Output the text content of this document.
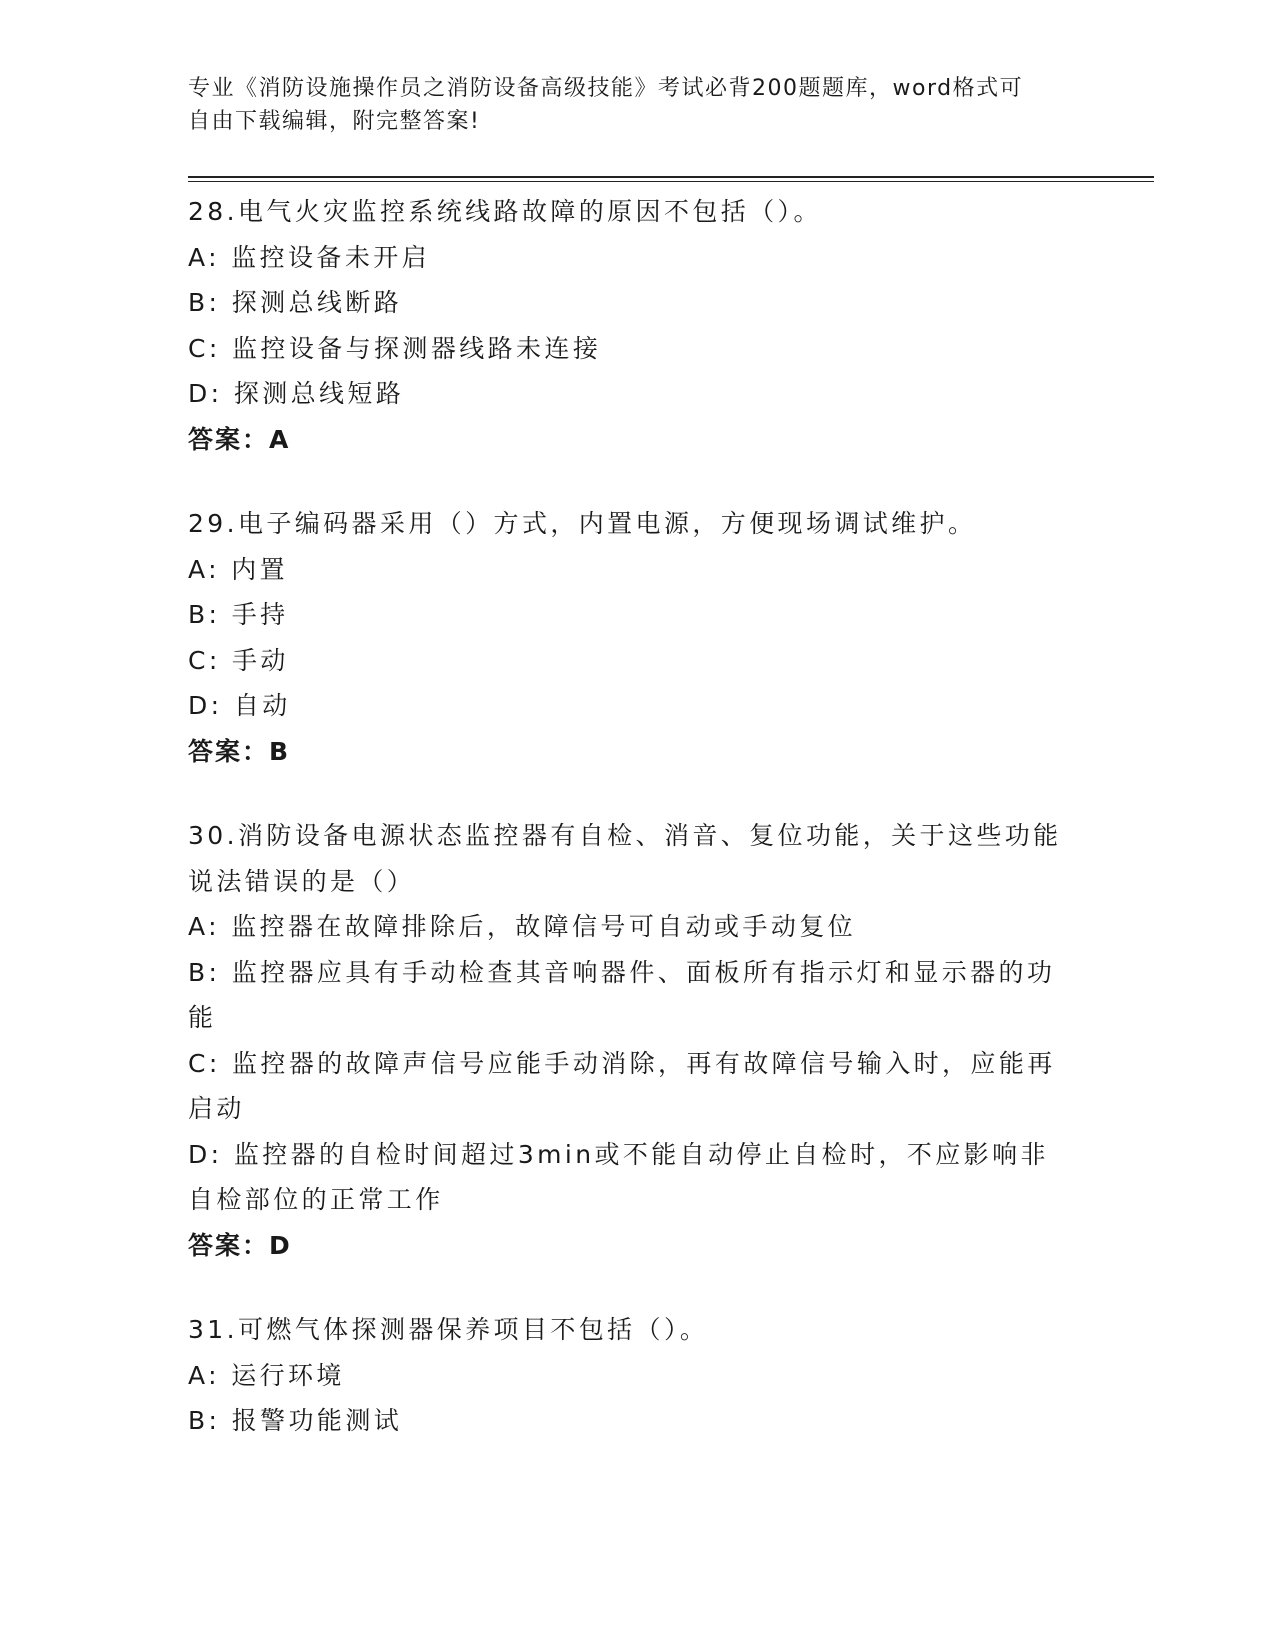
专业《消防设施操作员之消防设备高级技能》考试必背200题题库，word格式可
自由下载编辑，附完整答案!
28.电气火灾监控系统线路故障的原因不包括（）。
A: 监控设备未开启
B: 探测总线断路
C: 监控设备与探测器线路未连接
D: 探测总线短路
答案：A
29.电子编码器采用（）方式，内置电源，方便现场调试维护。
A: 内置
B: 手持
C: 手动
D: 自动
答案：B
30.消防设备电源状态监控器有自检、消音、复位功能，关于这些功能
说法错误的是（）
A: 监控器在故障排除后，故障信号可自动或手动复位
B: 监控器应具有手动检查其音响器件、面板所有指示灯和显示器的功
能
C: 监控器的故障声信号应能手动消除，再有故障信号输入时，应能再
启动
D: 监控器的自检时间超过3min或不能自动停止自检时，不应影响非
自检部位的正常工作
答案：D
31.可燃气体探测器保养项目不包括（）。
A: 运行环境
B: 报警功能测试
